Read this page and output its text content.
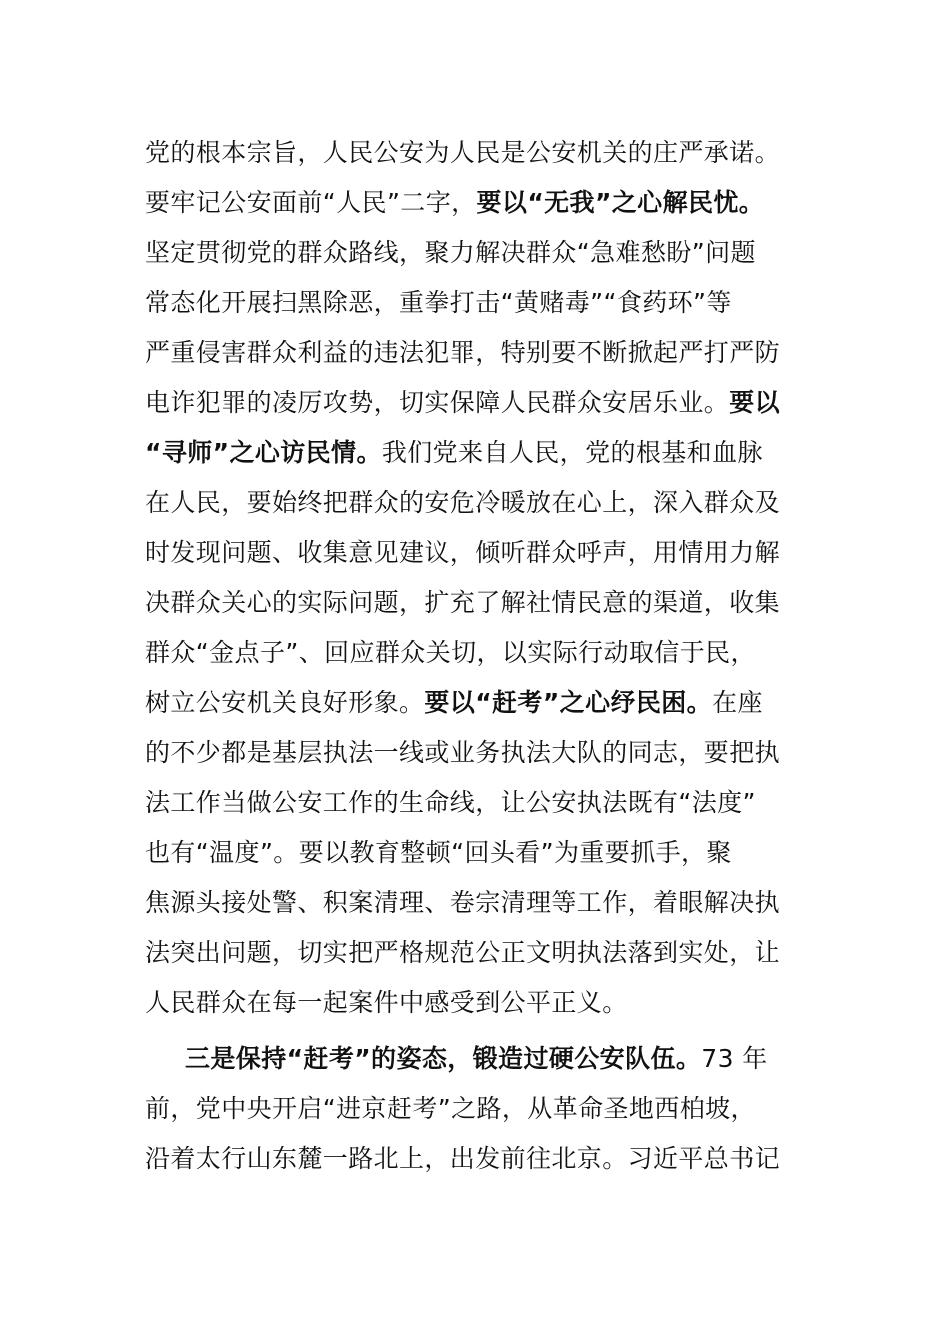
党的根本宗旨，人民公安为人民是公安机关的庄严承诺。
要牢记公安面前“人民”二字，要以“无我”之心解民忧。
坚定贯彻党的群众路线，聚力解决群众“急难愁盼”问题
常态化开展扫黑除恶，重拳打击“黄赌毒”“食药环”等
严重侵害群众利益的违法犯罪，特别要不断掀起严打严防
电诈犯罪的凌厉攻势，切实保障人民群众安居乐业。要以
“寻师”之心访民情。我们党来自人民，党的根基和血脉
在人民，要始终把群众的安危冷暖放在心上，深入群众及
时发现问题、收集意见建议，倾听群众呼声，用情用力解
决群众关心的实际问题，扩充了解社情民意的渠道，收集
群众“金点子”、回应群众关切，以实际行动取信于民，
树立公安机关良好形象。要以“赶考”之心纾民困。在座
的不少都是基层执法一线或业务执法大队的同志，要把执
法工作当做公安工作的生命线，让公安执法既有“法度”
也有“温度”。要以教育整顿“回头看”为重要抓手，聚
焦源头接处警、积案清理、卷宗清理等工作，着眼解决执
法突出问题，切实把严格规范公正文明执法落到实处，让
人民群众在每一起案件中感受到公平正义。
三是保持“赶考”的姿态，锻造过硬公安队伍。73 年
前，党中央开启“进京赶考”之路，从革命圣地西柏坡，
沿着太行山东麓一路北上，出发前往北京。习近平总书记
